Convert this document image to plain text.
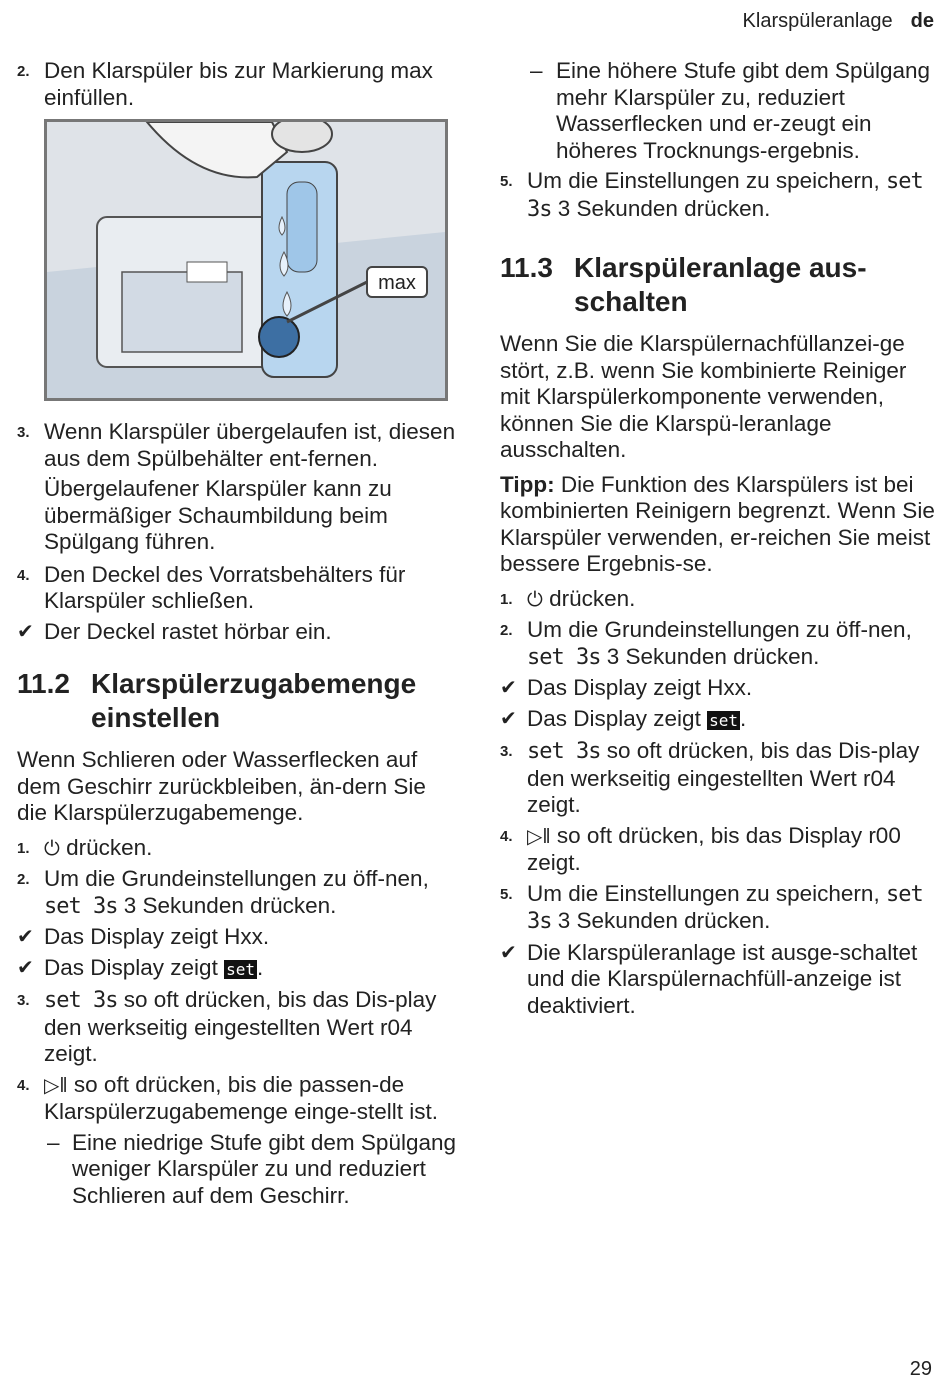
Klarspüleranlage de
2. Den Klarspüler bis zur Markierung max einfüllen.
max
3. Wenn Klarspüler übergelaufen ist, diesen aus dem Spülbehälter ent-fernen.
Übergelaufener Klarspüler kann zu übermäßiger Schaumbildung beim Spülgang führen.
4. Den Deckel des Vorratsbehälters für Klarspüler schließen.
✔ Der Deckel rastet hörbar ein.
11.2 Klarspülerzugabemenge einstellen

Wenn Schlieren oder Wasserflecken auf dem Geschirr zurückbleiben, än-dern Sie die Klarspülerzugabemenge.

1. ⏻ drücken.
2. Um die Grundeinstellungen zu öff-nen, set 3s 3 Sekunden drücken.
✔ Das Display zeigt Hxx.
✔ Das Display zeigt set.
3. set 3s so oft drücken, bis das Dis-play den werkseitig eingestellten Wert r04 zeigt.
4. ▷‖ so oft drücken, bis die passen-de Klarspülerzugabemenge einge-stellt ist.
– Eine niedrige Stufe gibt dem Spülgang weniger Klarspüler zu und reduziert Schlieren auf dem Geschirr.
– Eine höhere Stufe gibt dem Spülgang mehr Klarspüler zu, reduziert Wasserflecken und er-zeugt ein höheres Trocknungs-ergebnis.
5. Um die Einstellungen zu speichern, set 3s 3 Sekunden drücken.
11.3 Klarspüleranlage aus-schalten

Wenn Sie die Klarspülernachfüllanzei-ge stört, z.B. wenn Sie kombinierte Reiniger mit Klarspülerkomponente verwenden, können Sie die Klarspü-leranlage ausschalten.

Tipp: Die Funktion des Klarspülers ist bei kombinierten Reinigern begrenzt. Wenn Sie Klarspüler verwenden, er-reichen Sie meist bessere Ergebnis-se.

1. ⏻ drücken.
2. Um die Grundeinstellungen zu öff-nen, set 3s 3 Sekunden drücken.
✔ Das Display zeigt Hxx.
✔ Das Display zeigt set.
3. set 3s so oft drücken, bis das Dis-play den werkseitig eingestellten Wert r04 zeigt.
4. ▷‖ so oft drücken, bis das Display r00 zeigt.
5. Um die Einstellungen zu speichern, set 3s 3 Sekunden drücken.
✔ Die Klarspüleranlage ist ausge-schaltet und die Klarspülernachfüll-anzeige ist deaktiviert.
29
